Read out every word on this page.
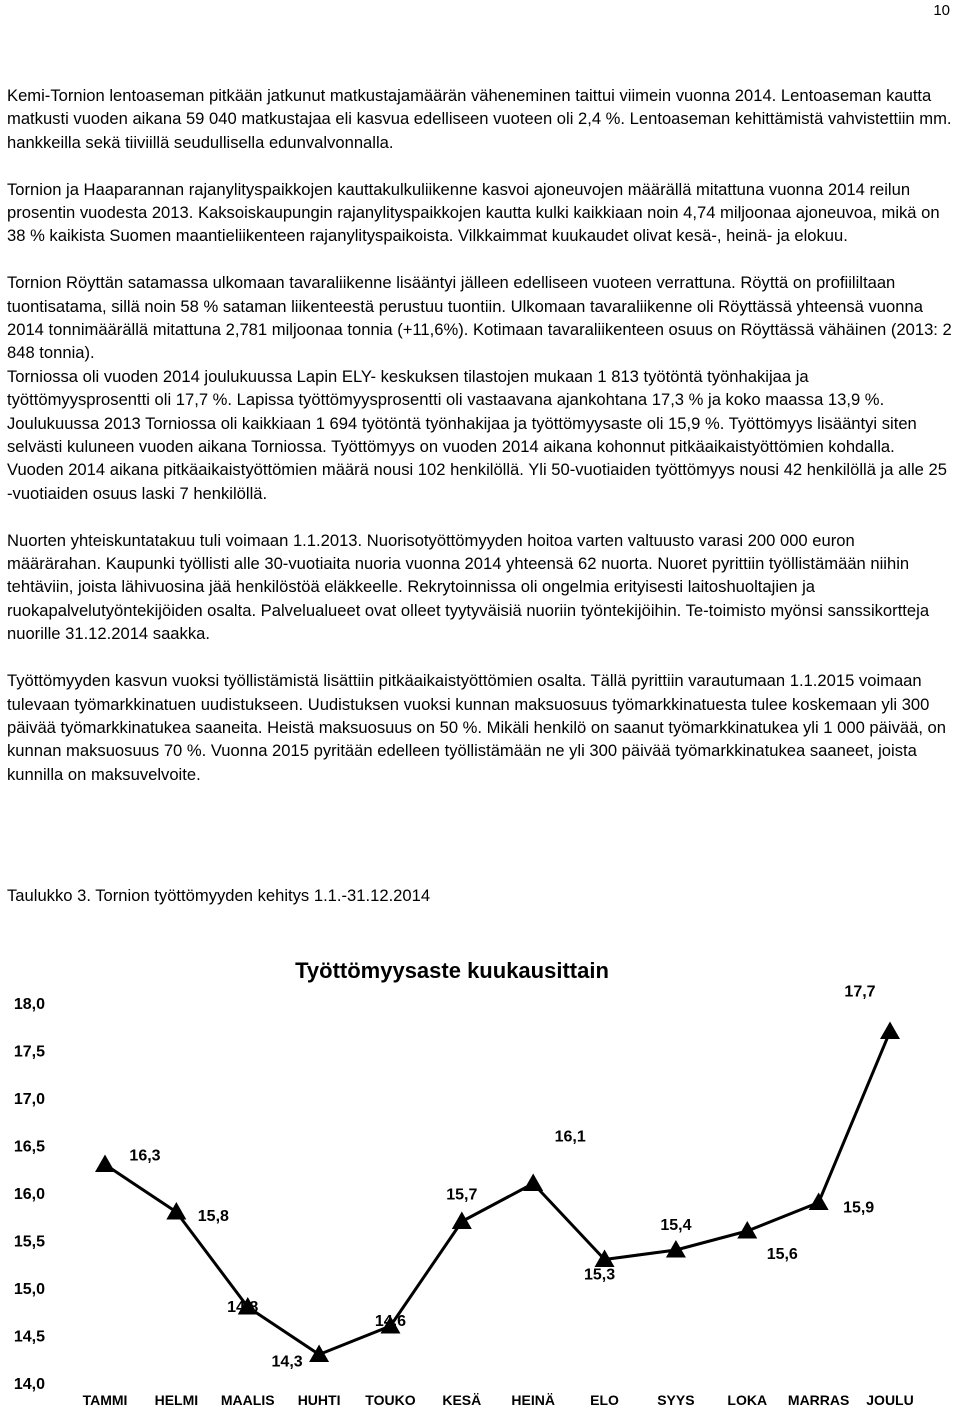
10

Kemi-Tornion lentoaseman pitkään jatkunut matkustajamäärän väheneminen taittui viimein vuonna 2014. Lentoaseman kautta matkusti vuoden aikana 59 040 matkustajaa eli kasvua edelliseen vuoteen oli 2,4 %. Lentoaseman kehittämistä vahvistettiin mm. hankkeilla sekä tiiviillä seudullisella edunvalvonnalla.

Tornion ja Haaparannan rajanylityspaikkojen kauttakulkuliikenne kasvoi ajoneuvojen määrällä mitattuna vuonna 2014 reilun prosentin vuodesta 2013. Kaksoiskaupungin rajanylityspaikkojen kautta kulki kaikkiaan noin 4,74 miljoonaa ajoneuvoa, mikä on 38 % kaikista Suomen maantieliikenteen rajanylityspaikoista. Vilkkaimmat kuukaudet olivat kesä-, heinä- ja elokuu.

Tornion Röyttän satamassa ulkomaan tavaraliikenne lisääntyi jälleen edelliseen vuoteen verrattuna. Röyttä on profiililtaan tuontisatama, sillä noin 58 % sataman liikenteestä perustuu tuontiin. Ulkomaan tavaraliikenne oli Röyttässä yhteensä vuonna 2014 tonnimäärällä mitattuna 2,781 miljoonaa tonnia (+11,6%). Kotimaan tavaraliikenteen osuus on Röyttässä vähäinen (2013: 2 848 tonnia).

Torniossa oli vuoden 2014 joulukuussa Lapin ELY- keskuksen tilastojen mukaan 1 813 työtöntä työnhakijaa ja työttömyysprosentti oli 17,7 %. Lapissa työttömyysprosentti oli vastaavana ajankohtana 17,3 % ja koko maassa 13,9 %. Joulukuussa 2013 Torniossa oli kaikkiaan 1 694 työtöntä työnhakijaa ja työttömyysaste oli 15,9 %. Työttömyys lisääntyi siten selvästi kuluneen vuoden aikana Torniossa. Työttömyys on vuoden 2014 aikana kohonnut pitkäaikaistyöttömien kohdalla. Vuoden 2014 aikana pitkäaikaistyöttömien määrä nousi 102 henkilöllä. Yli 50-vuotiaiden työttömyys nousi 42 henkilöllä ja alle 25 -vuotiaiden osuus laski 7 henkilöllä.

Nuorten yhteiskuntatakuu tuli voimaan 1.1.2013. Nuorisotyöttömyyden hoitoa varten valtuusto varasi 200 000 euron määrärahan. Kaupunki työllisti alle 30-vuotiaita nuoria vuonna 2014 yhteensä 62 nuorta. Nuoret pyrittiin työllistämään niihin tehtäviin, joista lähivuosina jää henkilöstöä eläkkeelle. Rekrytoinnissa oli ongelmia erityisesti laitoshuoltajien ja ruokapalvelutyöntekijöiden osalta. Palvelualueet ovat olleet tyytyväisiä nuoriin työntekijöihin. Te-toimisto myönsi sanssikortteja nuorille 31.12.2014 saakka.

Työttömyyden kasvun vuoksi työllistämistä lisättiin pitkäaikaistyöttömien osalta. Tällä pyrittiin varautumaan 1.1.2015 voimaan tulevaan työmarkkinatuen uudistukseen. Uudistuksen vuoksi kunnan maksuosuus työmarkkinatuesta tulee koskemaan yli 300 päivää työmarkkinatukea saaneita. Heistä maksuosuus on 50 %. Mikäli henkilö on saanut työmarkkinatukea yli 1 000 päivää, on kunnan maksuosuus 70 %. Vuonna 2015 pyritään edelleen työllistämään ne yli 300 päivää työmarkkinatukea saaneet, joista kunnilla on maksuvelvoite.

Taulukko 3. Tornion työttömyyden kehitys 1.1.-31.12.2014
Työttömyysaste kuukausittain
14,0
14,5
15,0
15,5
16,0
16,5
17,0
17,5
18,0
16,3
15,8
14,8
14,3
14,6
15,7
16,1
15,3
15,4
15,6
15,9
17,7
TAMMI HELMI MAALIS HUHTI TOUKO KESÄ HEINÄ	ELO	SYYS LOKA MARRAS JOULU
